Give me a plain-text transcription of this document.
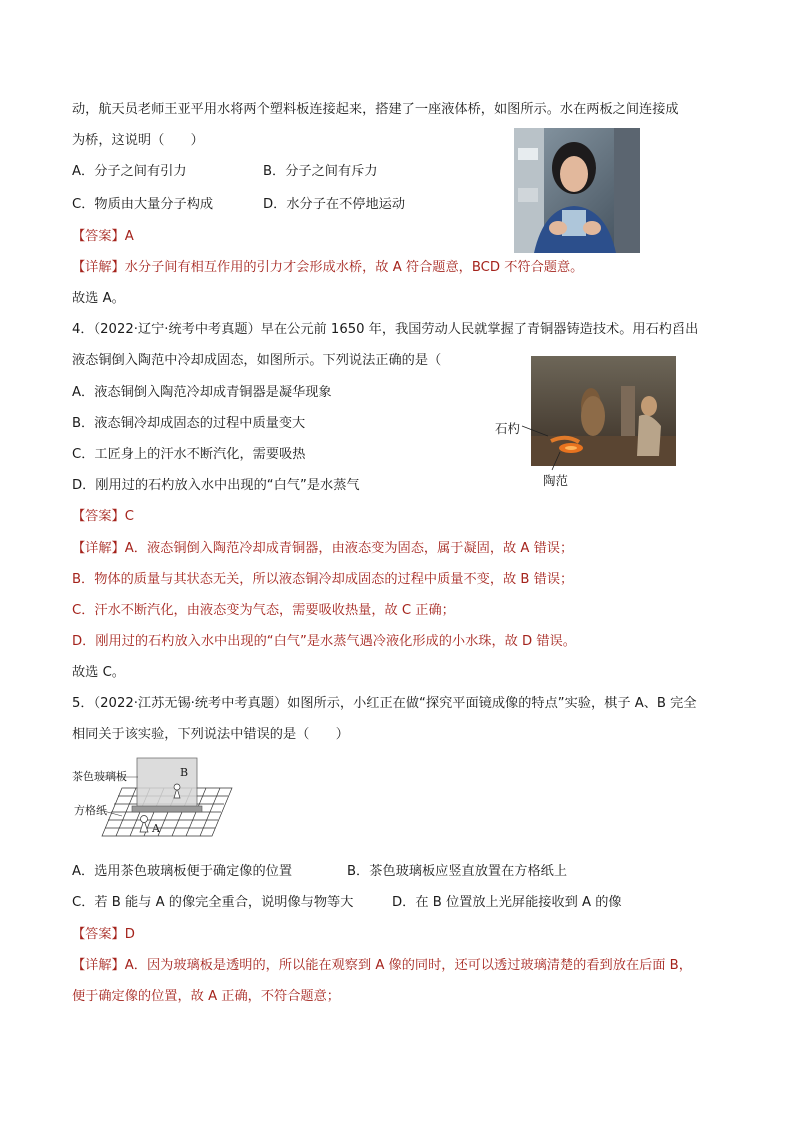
动，航天员老师王亚平用水将两个塑料板连接起来，搭建了一座液体桥，如图所示。水在两板之间连接成
为桥，这说明（　　）
A．分子之间有引力	B．分子之间有斥力
C．物质由大量分子构成	D．水分子在不停地运动
【答案】A
【详解】水分子间有相互作用的引力才会形成水桥，故 A 符合题意，BCD 不符合题意。
故选 A。
4．（2022·辽宁·统考中考真题）早在公元前 1650 年，我国劳动人民就掌握了青铜器铸造技术。用石杓舀出
液态铜倒入陶范中冷却成固态，如图所示。下列说法正确的是（
石杓
陶范
A．液态铜倒入陶范冷却成青铜器是凝华现象
B．液态铜冷却成固态的过程中质量变大
C．工匠身上的汗水不断汽化，需要吸热
D．刚用过的石杓放入水中出现的“白气”是水蒸气
【答案】C
【详解】A．液态铜倒入陶范冷却成青铜器，由液态变为固态，属于凝固，故 A 错误；
B．物体的质量与其状态无关，所以液态铜冷却成固态的过程中质量不变，故 B 错误；
C．汗水不断汽化，由液态变为气态，需要吸收热量，故 C 正确；
D．刚用过的石杓放入水中出现的“白气”是水蒸气遇冷液化形成的小水珠，故 D 错误。
故选 C。
5．（2022·江苏无锡·统考中考真题）如图所示，小红正在做“探究平面镜成像的特点”实验，棋子 A、B 完全
相同关于该实验，下列说法中错误的是（　　）
茶色玻璃板
方格纸
A
B
A．选用茶色玻璃板便于确定像的位置	B．茶色玻璃板应竖直放置在方格纸上
C．若 B 能与 A 的像完全重合，说明像与物等大	D．在 B 位置放上光屏能接收到 A 的像
【答案】D
【详解】A．因为玻璃板是透明的，所以能在观察到 A 像的同时，还可以透过玻璃清楚的看到放在后面 B，
便于确定像的位置，故 A 正确，不符合题意；
